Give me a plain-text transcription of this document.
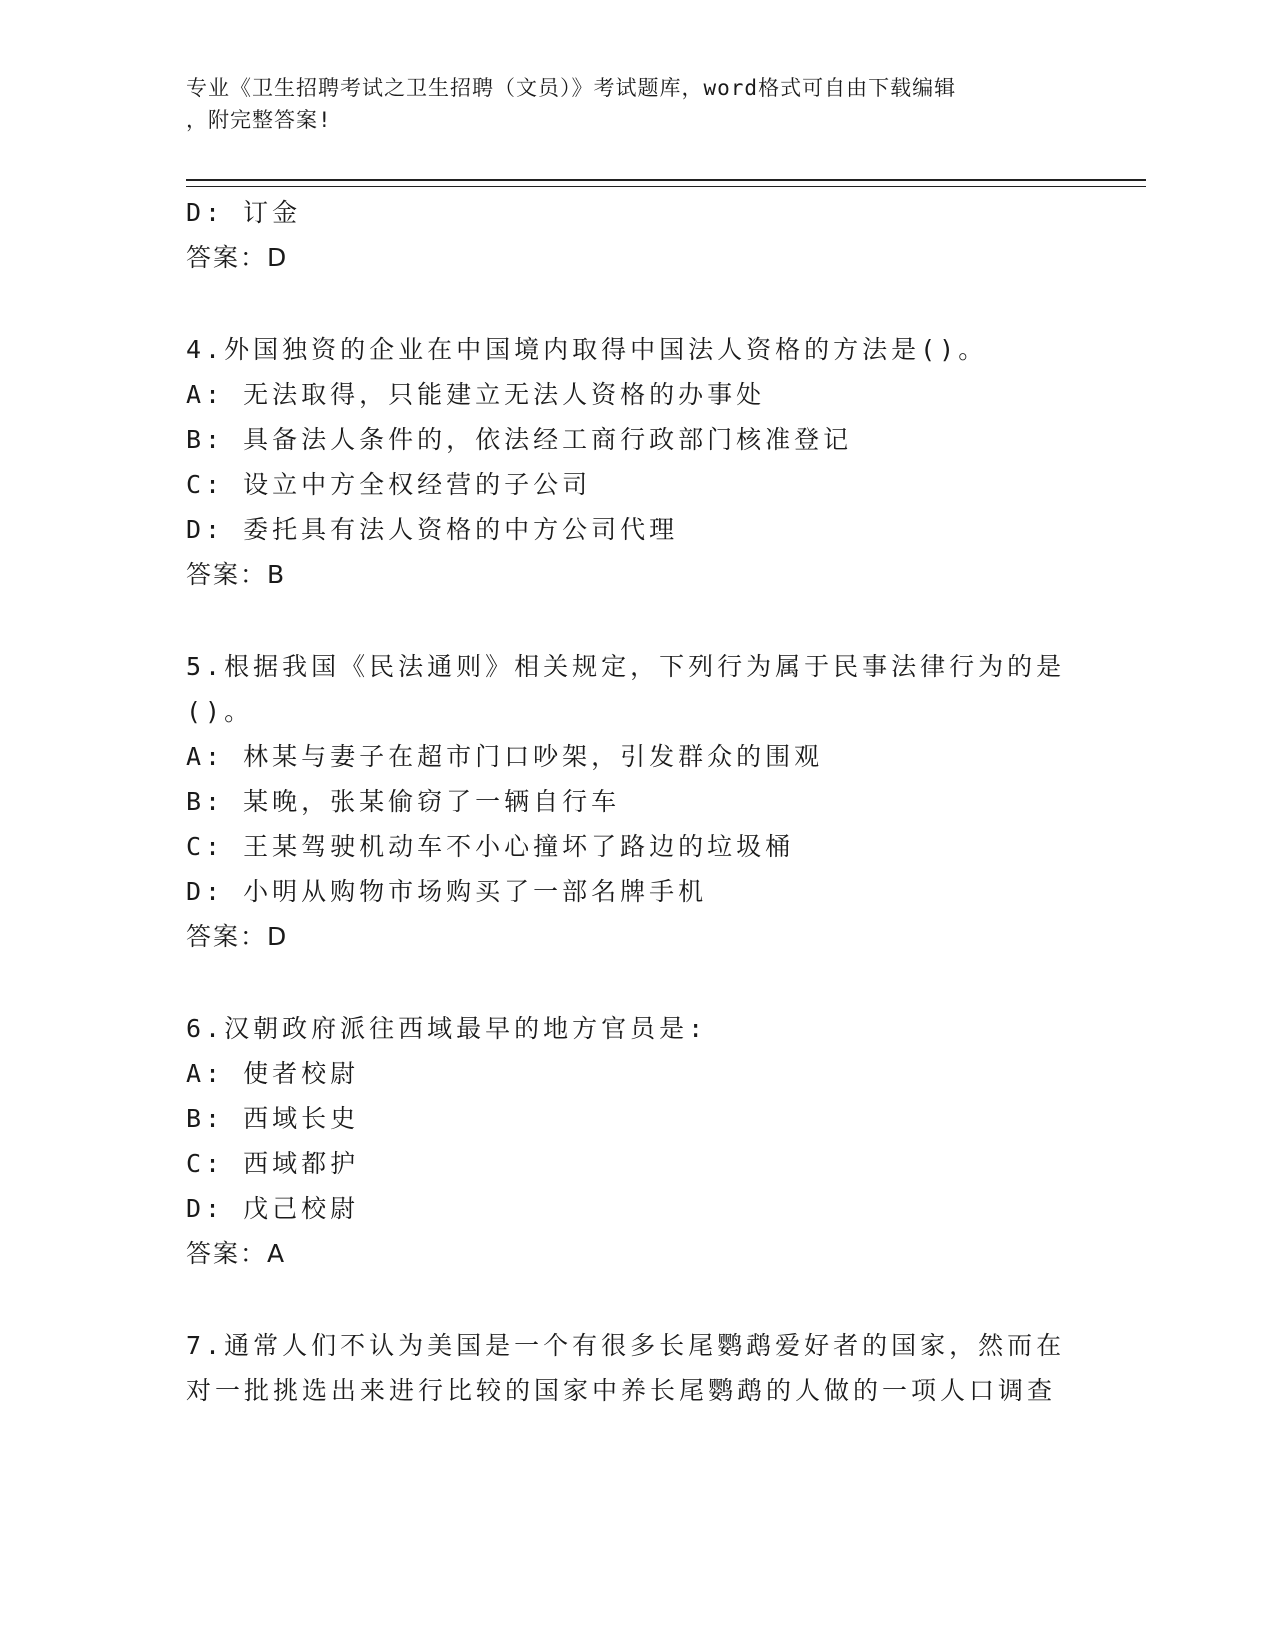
专业《卫生招聘考试之卫生招聘（文员）》考试题库，word格式可自由下载编辑
，附完整答案!
D: 订金
答案：D
4.外国独资的企业在中国境内取得中国法人资格的方法是()。
A: 无法取得，只能建立无法人资格的办事处
B: 具备法人条件的，依法经工商行政部门核准登记
C: 设立中方全权经营的子公司
D: 委托具有法人资格的中方公司代理
答案：B
5.根据我国《民法通则》相关规定，下列行为属于民事法律行为的是
()。
A: 林某与妻子在超市门口吵架，引发群众的围观
B: 某晚，张某偷窃了一辆自行车
C: 王某驾驶机动车不小心撞坏了路边的垃圾桶
D: 小明从购物市场购买了一部名牌手机
答案：D
6.汉朝政府派往西域最早的地方官员是:
A: 使者校尉
B: 西域长史
C: 西域都护
D: 戊己校尉
答案：A
7.通常人们不认为美国是一个有很多长尾鹦鹉爱好者的国家，然而在
对一批挑选出来进行比较的国家中养长尾鹦鹉的人做的一项人口调查
